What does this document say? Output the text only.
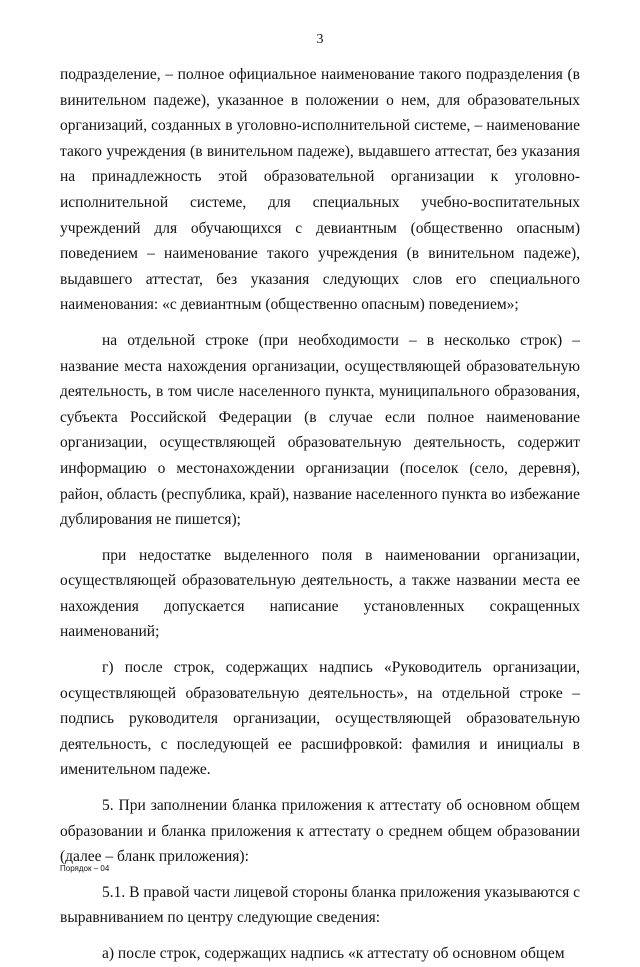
3

подразделение, – полное официальное наименование такого подразделения (в винительном падеже), указанное в положении о нем, для образовательных организаций, созданных в уголовно-исполнительной системе, – наименование такого учреждения (в винительном падеже), выдавшего аттестат, без указания на принадлежность этой образовательной организации к уголовно-исполнительной системе, для специальных учебно-воспитательных учреждений для обучающихся с девиантным (общественно опасным) поведением – наименование такого учреждения (в винительном падеже), выдавшего аттестат, без указания следующих слов его специального наименования: «с девиантным (общественно опасным) поведением»;

на отдельной строке (при необходимости – в несколько строк) – название места нахождения организации, осуществляющей образовательную деятельность, в том числе населенного пункта, муниципального образования, субъекта Российской Федерации (в случае если полное наименование организации, осуществляющей образовательную деятельность, содержит информацию о местонахождении организации (поселок (село, деревня), район, область (республика, край), название населенного пункта во избежание дублирования не пишется);

при недостатке выделенного поля в наименовании организации, осуществляющей образовательную деятельность, а также названии места ее нахождения допускается написание установленных сокращенных наименований;

г) после строк, содержащих надпись «Руководитель организации, осуществляющей образовательную деятельность», на отдельной строке – подпись руководителя организации, осуществляющей образовательную деятельность, с последующей ее расшифровкой: фамилия и инициалы в именительном падеже.

5. При заполнении бланка приложения к аттестату об основном общем образовании и бланка приложения к аттестату о среднем общем образовании (далее – бланк приложения):

5.1. В правой части лицевой стороны бланка приложения указываются с выравниванием по центру следующие сведения:

а) после строк, содержащих надпись «к аттестату об основном общем

Порядок – 04
